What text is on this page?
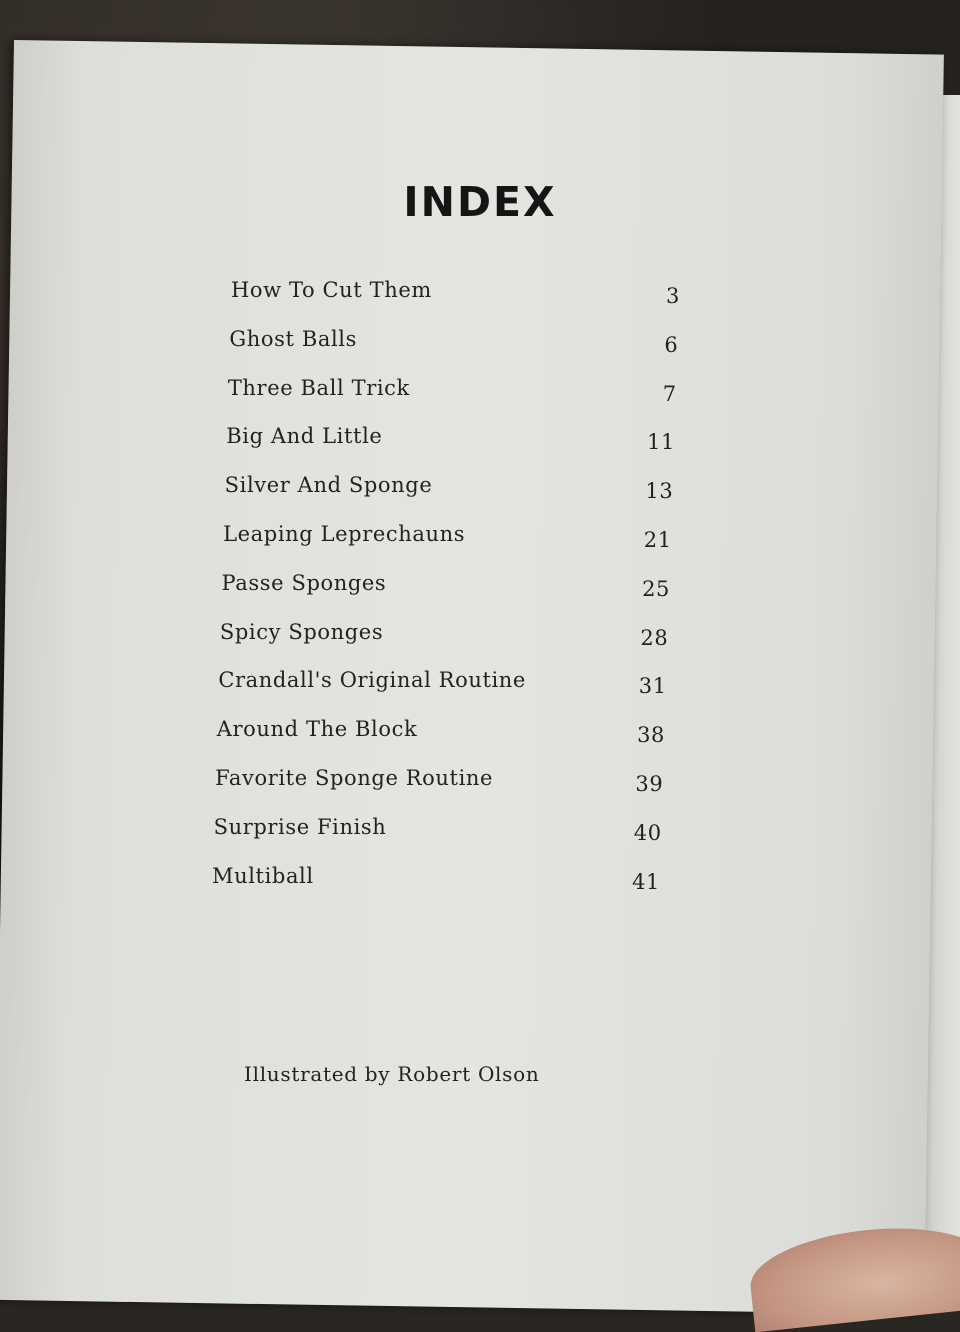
INDEX
How To Cut Them	3
Ghost Balls	6
Three Ball Trick	7
Big And Little	11
Silver And Sponge	13
Leaping Leprechauns	21
Passe Sponges	25
Spicy Sponges	28
Crandall's Original Routine	31
Around The Block	38
Favorite Sponge Routine	39
Surprise Finish	40
Multiball	41
Illustrated by Robert Olson
